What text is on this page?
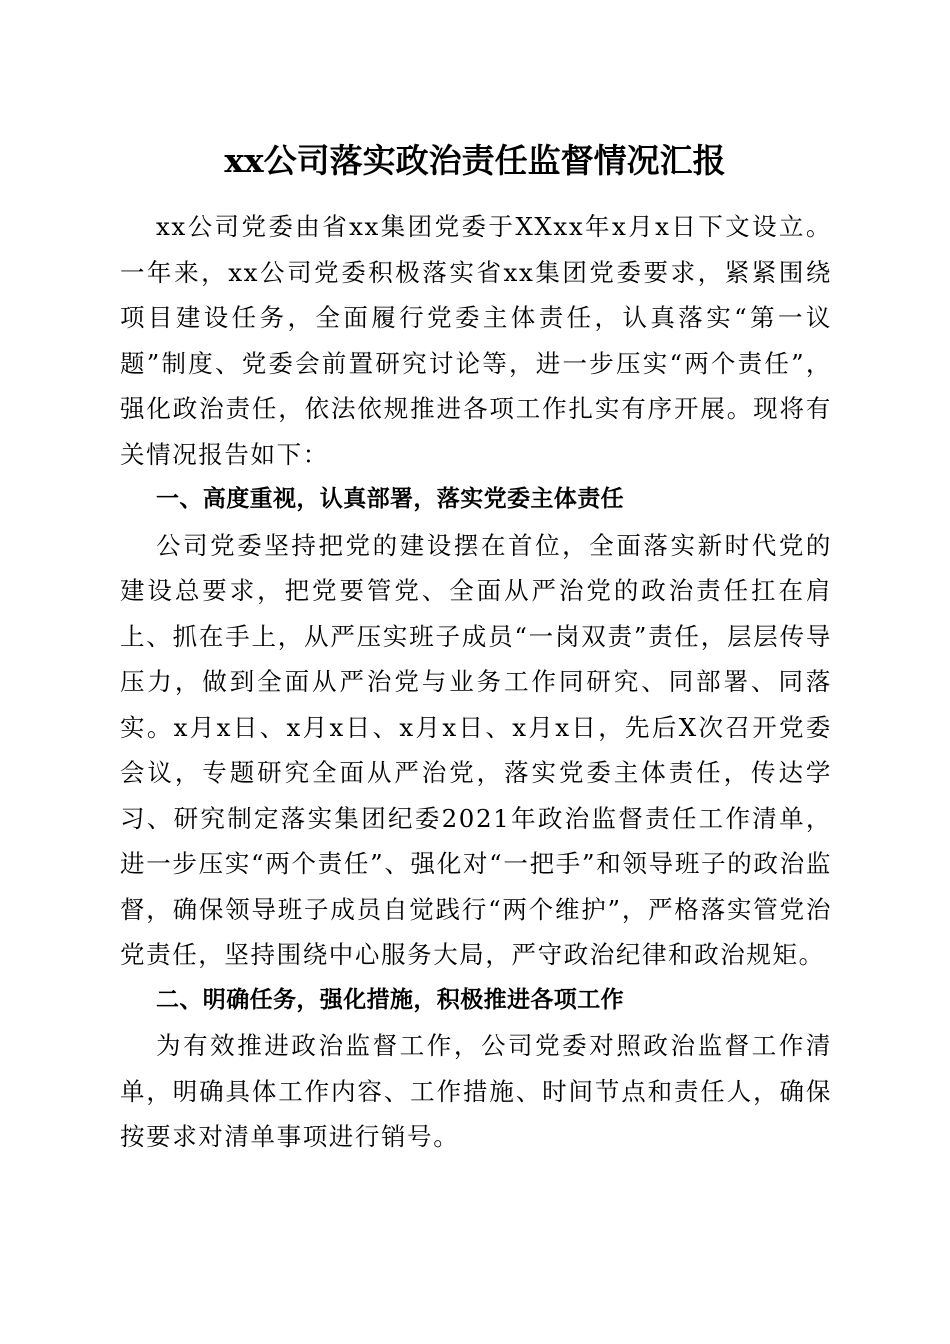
xx公司落实政治责任监督情况汇报

xx公司党委由省xx集团党委于XXxx年x月x日下文设立。一年来，xx公司党委积极落实省xx集团党委要求，紧紧围绕项目建设任务，全面履行党委主体责任，认真落实“第一议题”制度、党委会前置研究讨论等，进一步压实“两个责任”，强化政治责任，依法依规推进各项工作扎实有序开展。现将有关情况报告如下：

一、高度重视，认真部署，落实党委主体责任

公司党委坚持把党的建设摆在首位，全面落实新时代党的建设总要求，把党要管党、全面从严治党的政治责任扛在肩上、抓在手上，从严压实班子成员“一岗双责”责任，层层传导压力，做到全面从严治党与业务工作同研究、同部署、同落实。x月x日、x月x日、x月x日、x月x日，先后X次召开党委会议，专题研究全面从严治党，落实党委主体责任，传达学习、研究制定落实集团纪委2021年政治监督责任工作清单，进一步压实“两个责任”、强化对“一把手”和领导班子的政治监督，确保领导班子成员自觉践行“两个维护”，严格落实管党治党责任，坚持围绕中心服务大局，严守政治纪律和政治规矩。

二、明确任务，强化措施，积极推进各项工作

为有效推进政治监督工作，公司党委对照政治监督工作清单，明确具体工作内容、工作措施、时间节点和责任人，确保按要求对清单事项进行销号。
